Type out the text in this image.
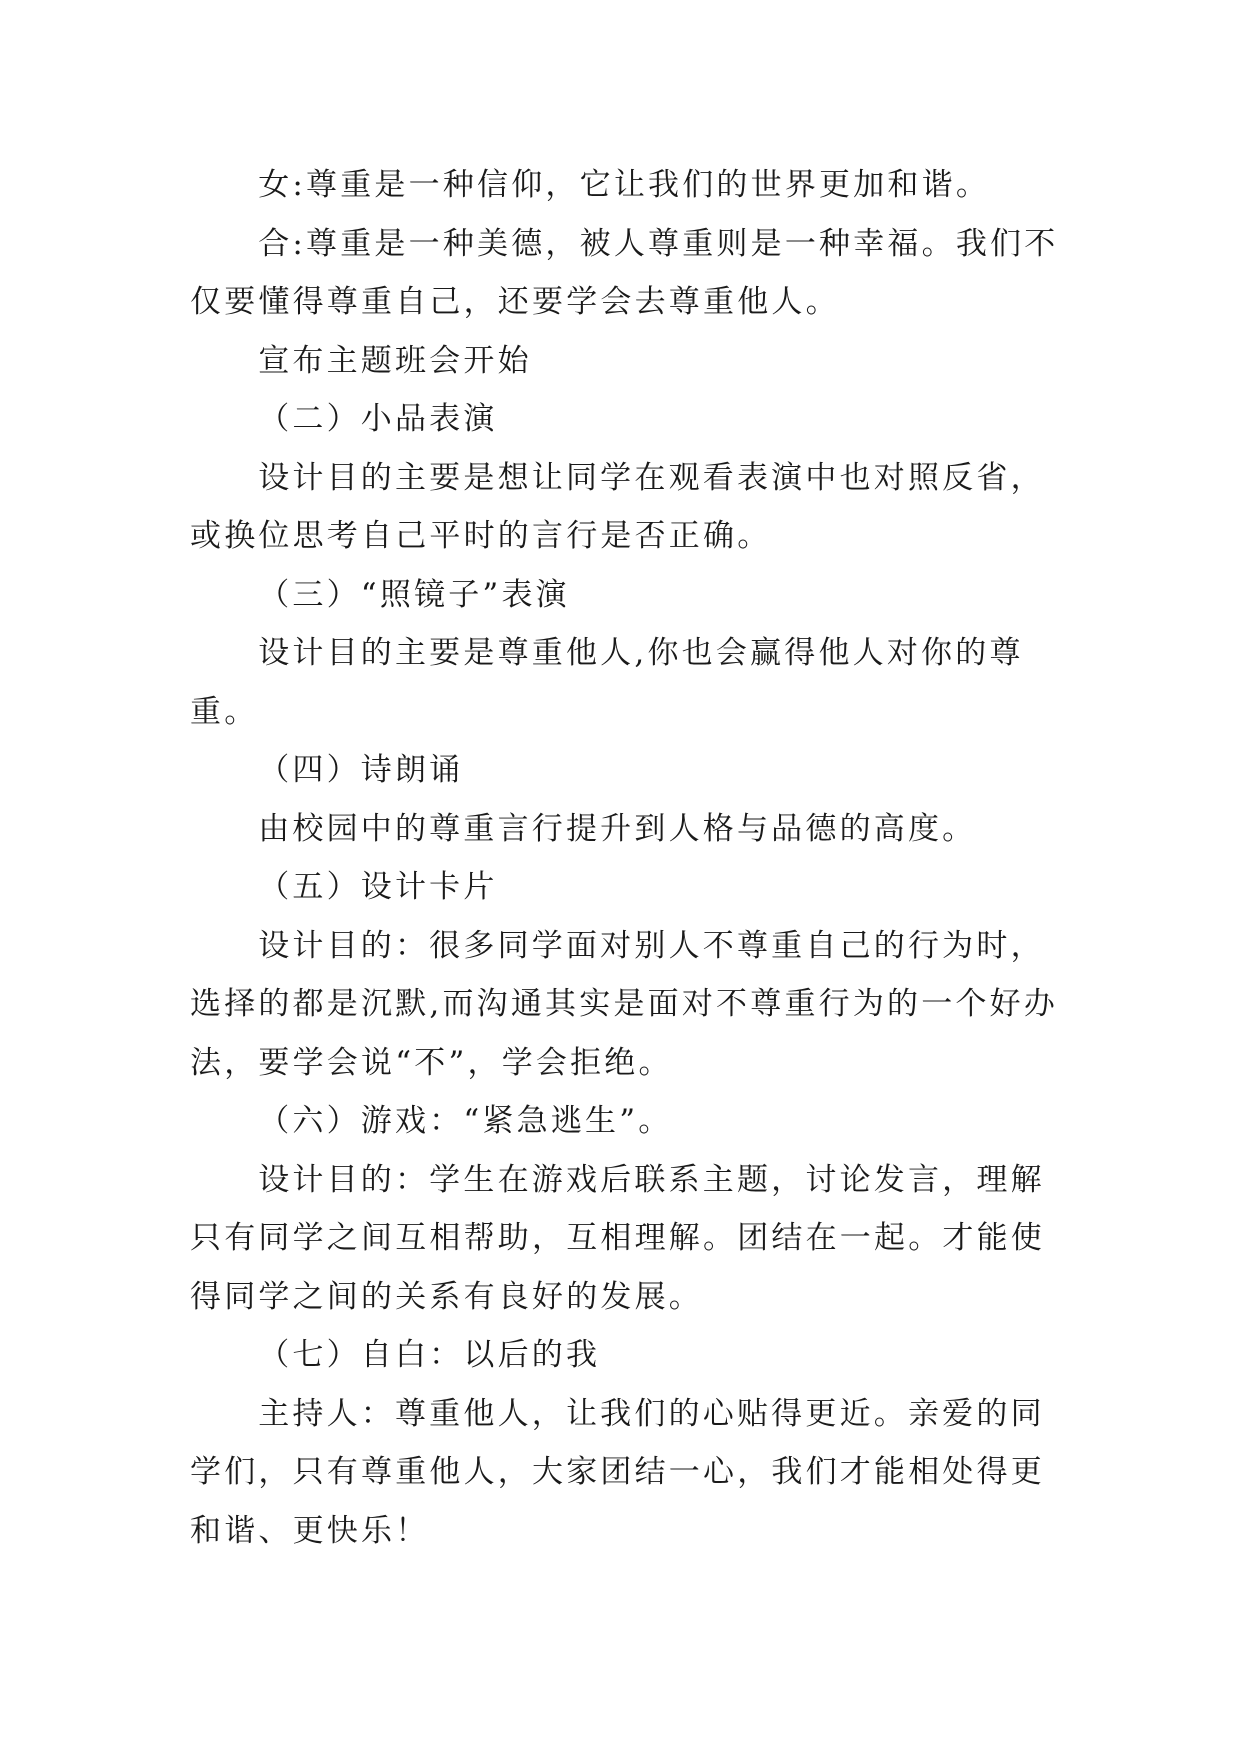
女:尊重是一种信仰，它让我们的世界更加和谐。

合:尊重是一种美德，被人尊重则是一种幸福。我们不仅要懂得尊重自己，还要学会去尊重他人。

宣布主题班会开始

（二）小品表演

设计目的主要是想让同学在观看表演中也对照反省，或换位思考自己平时的言行是否正确。

（三）“照镜子”表演

设计目的主要是尊重他人,你也会赢得他人对你的尊重。

（四）诗朗诵

由校园中的尊重言行提升到人格与品德的高度。

（五）设计卡片

设计目的：很多同学面对别人不尊重自己的行为时，选择的都是沉默,而沟通其实是面对不尊重行为的一个好办法，要学会说“不”，学会拒绝。

（六）游戏：“紧急逃生”。

设计目的：学生在游戏后联系主题，讨论发言，理解只有同学之间互相帮助，互相理解。团结在一起。才能使得同学之间的关系有良好的发展。

（七）自白：以后的我

主持人：尊重他人，让我们的心贴得更近。亲爱的同学们，只有尊重他人，大家团结一心，我们才能相处得更和谐、更快乐！
